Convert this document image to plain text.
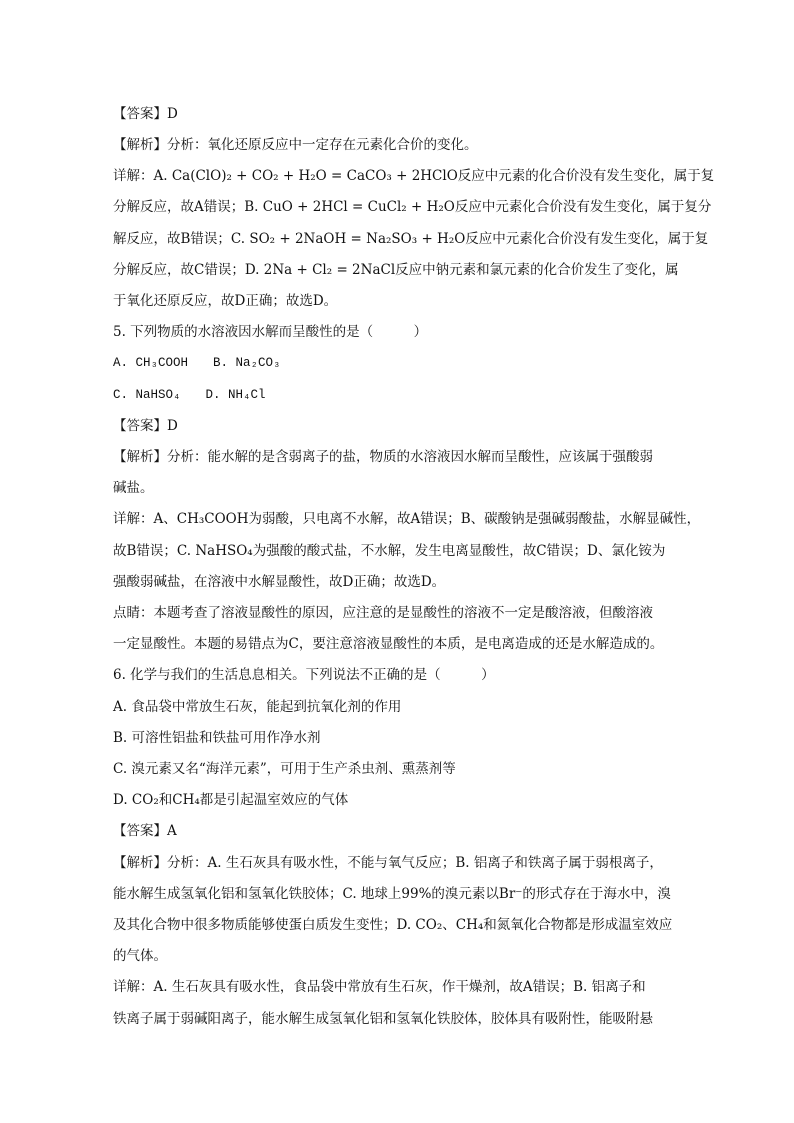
【答案】D
【解析】分析：氧化还原反应中一定存在元素化合价的变化。
详解：A. Ca(ClO)₂ + CO₂ + H₂O = CaCO₃ + 2HClO反应中元素的化合价没有发生变化，属于复
分解反应，故A错误；B. CuO + 2HCl = CuCl₂ + H₂O反应中元素化合价没有发生变化，属于复分
解反应，故B错误；C. SO₂ + 2NaOH = Na₂SO₃ + H₂O反应中元素化合价没有发生变化，属于复
分解反应，故C错误；D. 2Na + Cl₂ = 2NaCl反应中钠元素和氯元素的化合价发生了变化，属
于氧化还原反应，故D正确；故选D。
5. 下列物质的水溶液因水解而呈酸性的是（　　　）
A. CH₃COOH　　B. Na₂CO₃
C. NaHSO₄　　D. NH₄Cl
【答案】D
【解析】分析：能水解的是含弱离子的盐，物质的水溶液因水解而呈酸性，应该属于强酸弱
碱盐。
详解：A、CH₃COOH为弱酸，只电离不水解，故A错误；B、碳酸钠是强碱弱酸盐，水解显碱性，
故B错误；C. NaHSO₄为强酸的酸式盐，不水解，发生电离显酸性，故C错误；D、氯化铵为
强酸弱碱盐，在溶液中水解显酸性，故D正确；故选D。
点睛：本题考查了溶液显酸性的原因，应注意的是显酸性的溶液不一定是酸溶液，但酸溶液
一定显酸性。本题的易错点为C，要注意溶液显酸性的本质，是电离造成的还是水解造成的。
6. 化学与我们的生活息息相关。下列说法不正确的是（　　　）
A. 食品袋中常放生石灰，能起到抗氧化剂的作用
B. 可溶性铝盐和铁盐可用作净水剂
C. 溴元素又名“海洋元素”，可用于生产杀虫剂、熏蒸剂等
D. CO₂和CH₄都是引起温室效应的气体
【答案】A
【解析】分析：A. 生石灰具有吸水性，不能与氧气反应；B. 铝离子和铁离子属于弱根离子，
能水解生成氢氧化铝和氢氧化铁胶体；C. 地球上99%的溴元素以Br⁻的形式存在于海水中，溴
及其化合物中很多物质能够使蛋白质发生变性；D. CO₂、CH₄和氮氧化合物都是形成温室效应
的气体。
详解：A. 生石灰具有吸水性，食品袋中常放有生石灰，作干燥剂，故A错误；B. 铝离子和
铁离子属于弱碱阳离子，能水解生成氢氧化铝和氢氧化铁胶体，胶体具有吸附性，能吸附悬
